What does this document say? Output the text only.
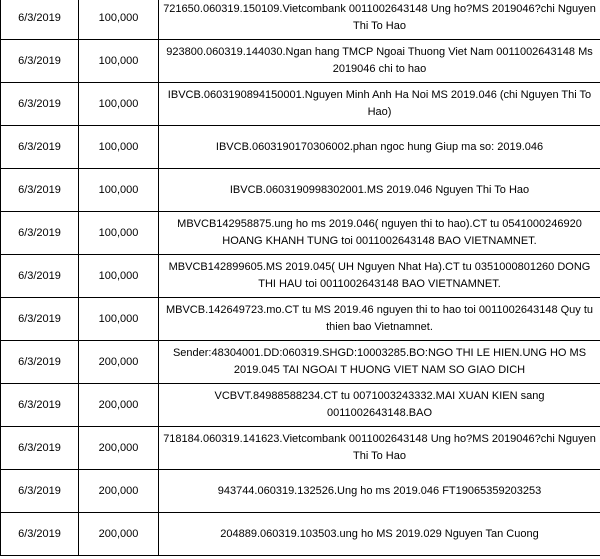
6/3/2019	100,000	721650.060319.150109.Vietcombank 0011002643148 Ung ho?MS 2019046?chi Nguyen Thi To Hao

6/3/2019	100,000	923800.060319.144030.Ngan hang TMCP Ngoai Thuong Viet Nam 0011002643148 Ms 2019046 chi to hao

6/3/2019	100,000	IBVCB.0603190894150001.Nguyen Minh Anh Ha Noi MS 2019.046 (chi Nguyen Thi To Hao)

6/3/2019	100,000	IBVCB.0603190170306002.phan ngoc hung Giup ma so: 2019.046

6/3/2019	100,000	IBVCB.0603190998302001.MS 2019.046 Nguyen Thi To Hao

6/3/2019	100,000	MBVCB142958875.ung ho ms 2019.046( nguyen thi to hao).CT tu 0541000246920 HOANG KHANH TUNG toi 0011002643148 BAO VIETNAMNET.

6/3/2019	100,000	MBVCB142899605.MS 2019.045( UH Nguyen Nhat Ha).CT tu 0351000801260 DONG THI HAU toi 0011002643148 BAO VIETNAMNET.

6/3/2019	100,000	MBVCB.142649723.mo.CT tu MS 2019.46 nguyen thi to hao toi 0011002643148 Quy tu thien bao Vietnamnet.

6/3/2019	200,000	Sender:48304001.DD:060319.SHGD:10003285.BO:NGO THI LE HIEN.UNG HO MS 2019.045 TAI NGOAI T HUONG VIET NAM SO GIAO DICH

6/3/2019	200,000	VCBVT.84988588234.CT tu 0071003243332.MAI XUAN KIEN sang 0011002643148.BAO

6/3/2019	200,000	718184.060319.141623.Vietcombank 0011002643148 Ung ho?MS 2019046?chi Nguyen Thi To Hao

6/3/2019	200,000	943744.060319.132526.Ung ho ms 2019.046 FT19065359203253

6/3/2019	200,000	204889.060319.103503.ung ho MS 2019.029 Nguyen Tan Cuong
